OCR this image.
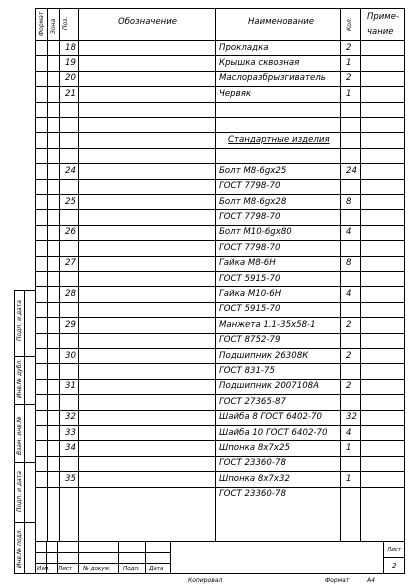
Подп. и дата
Инв.№ дубл.
Взам. инв.№
Подп. и дата
Инв.№ подл.
Формат Зона Поз.	Обозначение	Наименование	Кол.
Приме-
чание
18	Прокладка	2
19	Крышка сквозная	1
20	Маслоразбрызгиватель 2
21	Червяк	1
Стандартные изделия
24	Болт М8-6gx25	24
ГОСТ 7798-70
25	Болт М8-6gx28	8
ГОСТ 7798-70
26	Болт М10-6gx80	4
ГОСТ 7798-70
27	Гайка М8-6Н	8
ГОСТ 5915-70
28	Гайка М10-6Н	4
ГОСТ 5915-70
29	Манжета 1.1-35х58-1	2
ГОСТ 8752-79
30	Подшипник 26308К	2
ГОСТ 831-75
31	Подшипник 2007108А	2
ГОСТ 27365-87
32	Шайба 8 ГОСТ 6402-70	32
33	Шайба 10 ГОСТ 6402-70 4
34	Шпонка 8х7х25	1
ГОСТ 23360-78
35	Шпонка 8х7х32	1
ГОСТ 23360-78
Изм. Лист № докум. Подп. Дата
Лист
2
Копировал	Формат	А4
